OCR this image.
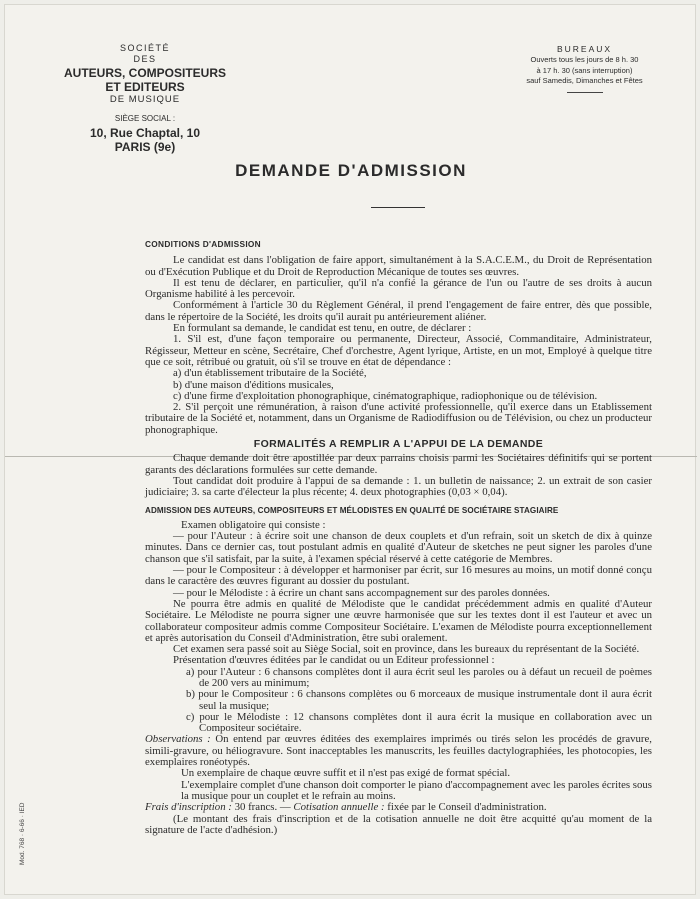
SOCIÉTÉ
DES
AUTEURS, COMPOSITEURS ET EDITEURS
DE MUSIQUE
SIÈGE SOCIAL :
10, Rue Chaptal, 10
PARIS (9e)
BUREAUX
Ouverts tous les jours de 8 h. 30
à 17 h. 30 (sans interruption)
sauf Samedis, Dimanches et Fêtes
DEMANDE D'ADMISSION
CONDITIONS D'ADMISSION

Le candidat est dans l'obligation de faire apport, simultanément à la S.A.C.E.M., du Droit de Représentation ou d'Exécution Publique et du Droit de Reproduction Mécanique de toutes ses œuvres.

Il est tenu de déclarer, en particulier, qu'il n'a confié la gérance de l'un ou l'autre de ses droits à aucun Organisme habilité à les percevoir.

Conformément à l'article 30 du Règlement Général, il prend l'engagement de faire entrer, dès que possible, dans le répertoire de la Société, les droits qu'il aurait pu antérieurement aliéner.

En formulant sa demande, le candidat est tenu, en outre, de déclarer :

1. S'il est, d'une façon temporaire ou permanente, Directeur, Associé, Commanditaire, Administrateur, Régisseur, Metteur en scène, Secrétaire, Chef d'orchestre, Agent lyrique, Artiste, en un mot, Employé à quelque titre que ce soit, rétribué ou gratuit, où s'il se trouve en état de dépendance :

a) d'un établissement tributaire de la Société,

b) d'une maison d'éditions musicales,

c) d'une firme d'exploitation phonographique, cinématographique, radiophonique ou de télévision.

2. S'il perçoit une rémunération, à raison d'une activité professionnelle, qu'il exerce dans un Etablissement tributaire de la Société et, notamment, dans un Organisme de Radiodiffusion ou de Télévision, ou chez un producteur phonographique.

FORMALITÉS A REMPLIR A L'APPUI DE LA DEMANDE

Chaque demande doit être apostillée par deux parrains choisis parmi les Sociétaires définitifs qui se portent garants des déclarations formulées sur cette demande.

Tout candidat doit produire à l'appui de sa demande : 1. un bulletin de naissance; 2. un extrait de son casier judiciaire; 3. sa carte d'électeur la plus récente; 4. deux photographies (0,03 × 0,04).

ADMISSION DES AUTEURS, COMPOSITEURS ET MÉLODISTES EN QUALITÉ DE SOCIÉTAIRE STAGIAIRE

Examen obligatoire qui consiste :

— pour l'Auteur : à écrire soit une chanson de deux couplets et d'un refrain, soit un sketch de dix à quinze minutes. Dans ce dernier cas, tout postulant admis en qualité d'Auteur de sketches ne peut signer les paroles d'une chanson que s'il satisfait, par la suite, à l'examen spécial réservé à cette catégorie de Membres.

— pour le Compositeur : à développer et harmoniser par écrit, sur 16 mesures au moins, un motif donné conçu dans le caractère des œuvres figurant au dossier du postulant.

— pour le Mélodiste : à écrire un chant sans accompagnement sur des paroles données.

Ne pourra être admis en qualité de Mélodiste que le candidat précédemment admis en qualité d'Auteur Sociétaire. Le Mélodiste ne pourra signer une œuvre harmonisée que sur les textes dont il est l'auteur et avec un collaborateur compositeur admis comme Compositeur Sociétaire. L'examen de Mélodiste pourra exceptionnellement et après autorisation du Conseil d'Administration, être subi oralement.

Cet examen sera passé soit au Siège Social, soit en province, dans les bureaux du représentant de la Société.

Présentation d'œuvres éditées par le candidat ou un Editeur professionnel :

a) pour l'Auteur : 6 chansons complètes dont il aura écrit seul les paroles ou à défaut un recueil de poèmes de 200 vers au minimum;

b) pour le Compositeur : 6 chansons complètes ou 6 morceaux de musique instrumentale dont il aura écrit seul la musique;

c) pour le Mélodiste : 12 chansons complètes dont il aura écrit la musique en collaboration avec un Compositeur sociétaire.

Observations : On entend par œuvres éditées des exemplaires imprimés ou tirés selon les procédés de gravure, simili-gravure, ou héliogravure. Sont inacceptables les manuscrits, les feuilles dactylographiées, les photocopies, les exemplaires ronéotypés.

Un exemplaire de chaque œuvre suffit et il n'est pas exigé de format spécial.

L'exemplaire complet d'une chanson doit comporter le piano d'accompagnement avec les paroles écrites sous la musique pour un couplet et le refrain au moins.

Frais d'inscription : 30 francs. — Cotisation annuelle : fixée par le Conseil d'administration.

(Le montant des frais d'inscription et de la cotisation annuelle ne doit être acquitté qu'au moment de la signature de l'acte d'adhésion.)

Mod. 768 · 6-66 · IED
